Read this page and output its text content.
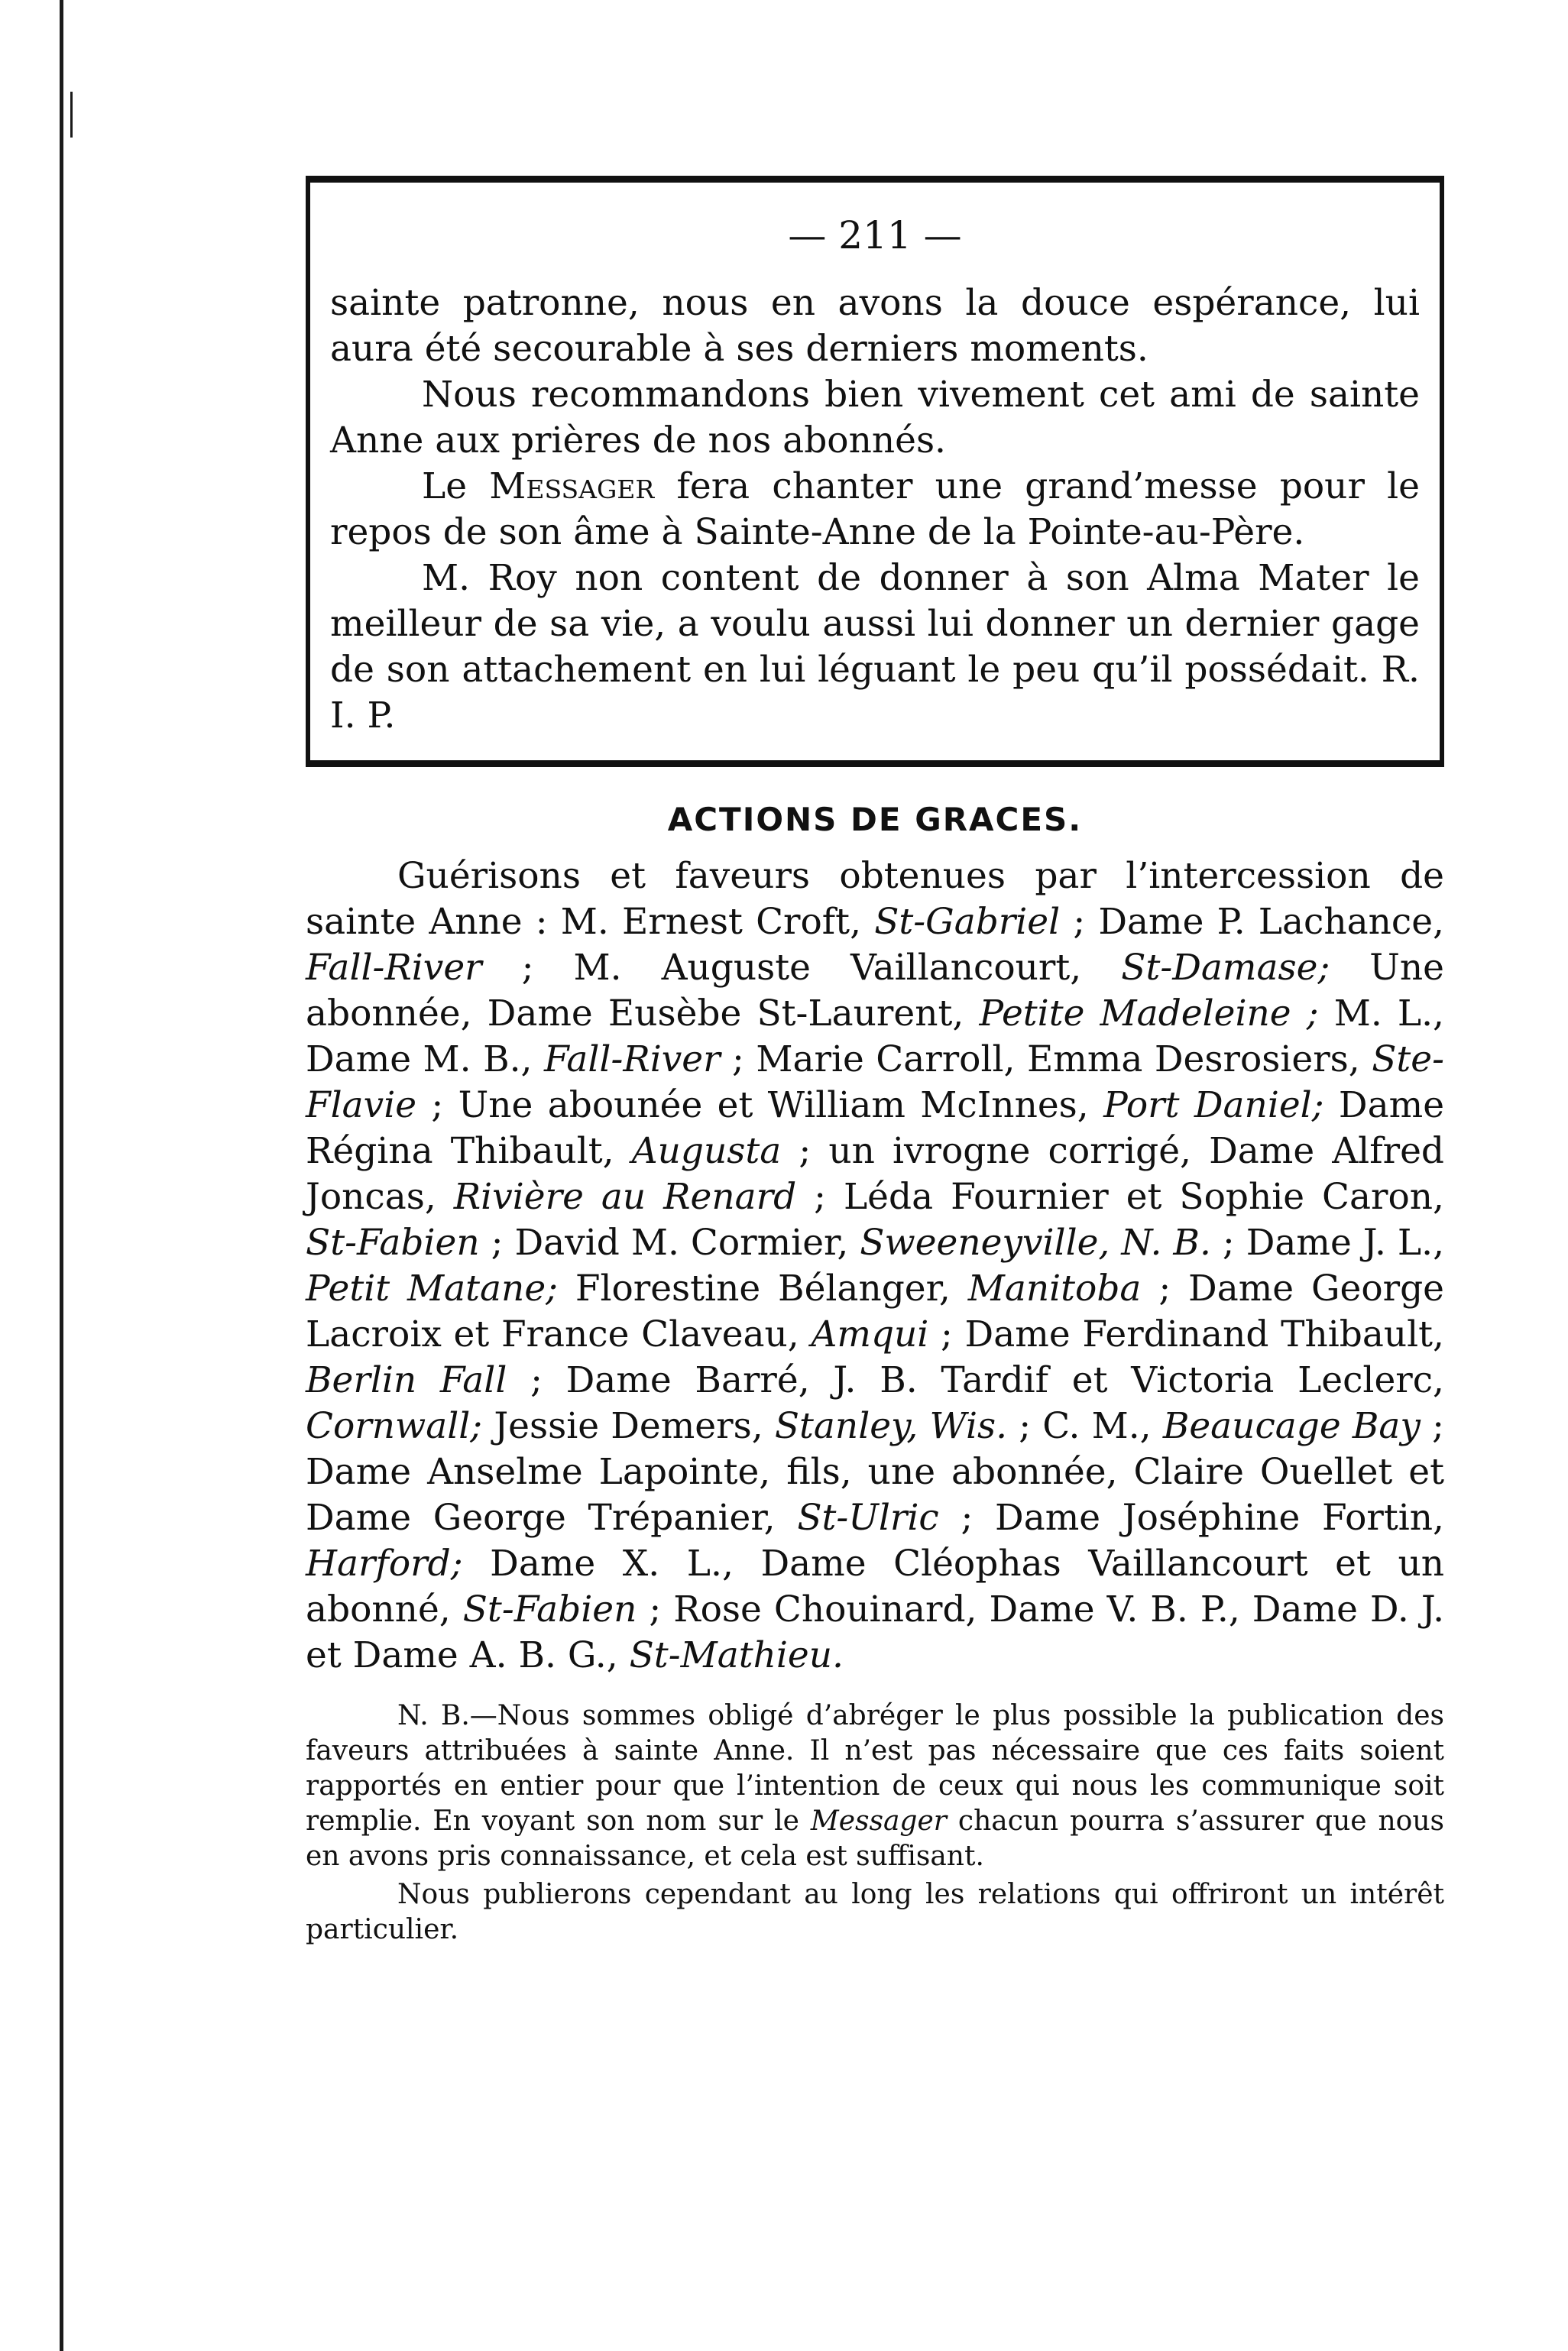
— 211 —

sainte patronne, nous en avons la douce espérance, lui aura été secourable à ses derniers moments.

Nous recommandons bien vivement cet ami de sainte Anne aux prières de nos abonnés.

Le Messager fera chanter une grand’messe pour le repos de son âme à Sainte-Anne de la Pointe-au-Père.

M. Roy non content de donner à son Alma Mater le meilleur de sa vie, a voulu aussi lui donner un dernier gage de son attachement en lui léguant le peu qu’il possédait. R. I. P.

ACTIONS DE GRACES.

Guérisons et faveurs obtenues par l’intercession de sainte Anne : M. Ernest Croft, St-Gabriel ; Dame P. Lachance, Fall-River ; M. Auguste Vaillancourt, St-Damase; Une abonnée, Dame Eusèbe St-Laurent, Petite Madeleine ; M. L., Dame M. B., Fall-River ; Marie Carroll, Emma Desrosiers, Ste-Flavie ; Une abounée et William McInnes, Port Daniel; Dame Régina Thibault, Augusta ; un ivrogne corrigé, Dame Alfred Joncas, Rivière au Renard ; Léda Fournier et Sophie Caron, St-Fabien ; David M. Cormier, Sweeneyville, N. B. ; Dame J. L., Petit Matane; Florestine Bélanger, Manitoba ; Dame George Lacroix et France Claveau, Amqui ; Dame Ferdinand Thibault, Berlin Fall ; Dame Barré, J. B. Tardif et Victoria Leclerc, Cornwall; Jessie Demers, Stanley, Wis. ; C. M., Beaucage Bay ; Dame Anselme Lapointe, fils, une abonnée, Claire Ouellet et Dame George Trépanier, St-Ulric ; Dame Joséphine Fortin, Harford; Dame X. L., Dame Cléophas Vaillancourt et un abonné, St-Fabien ; Rose Chouinard, Dame V. B. P., Dame D. J. et Dame A. B. G., St-Mathieu.

N. B.—Nous sommes obligé d’abréger le plus possible la publication des faveurs attribuées à sainte Anne. Il n’est pas nécessaire que ces faits soient rapportés en entier pour que l’intention de ceux qui nous les communique soit remplie. En voyant son nom sur le Messager chacun pourra s’assurer que nous en avons pris connaissance, et cela est suffisant.

Nous publierons cependant au long les relations qui offriront un intérêt particulier.
